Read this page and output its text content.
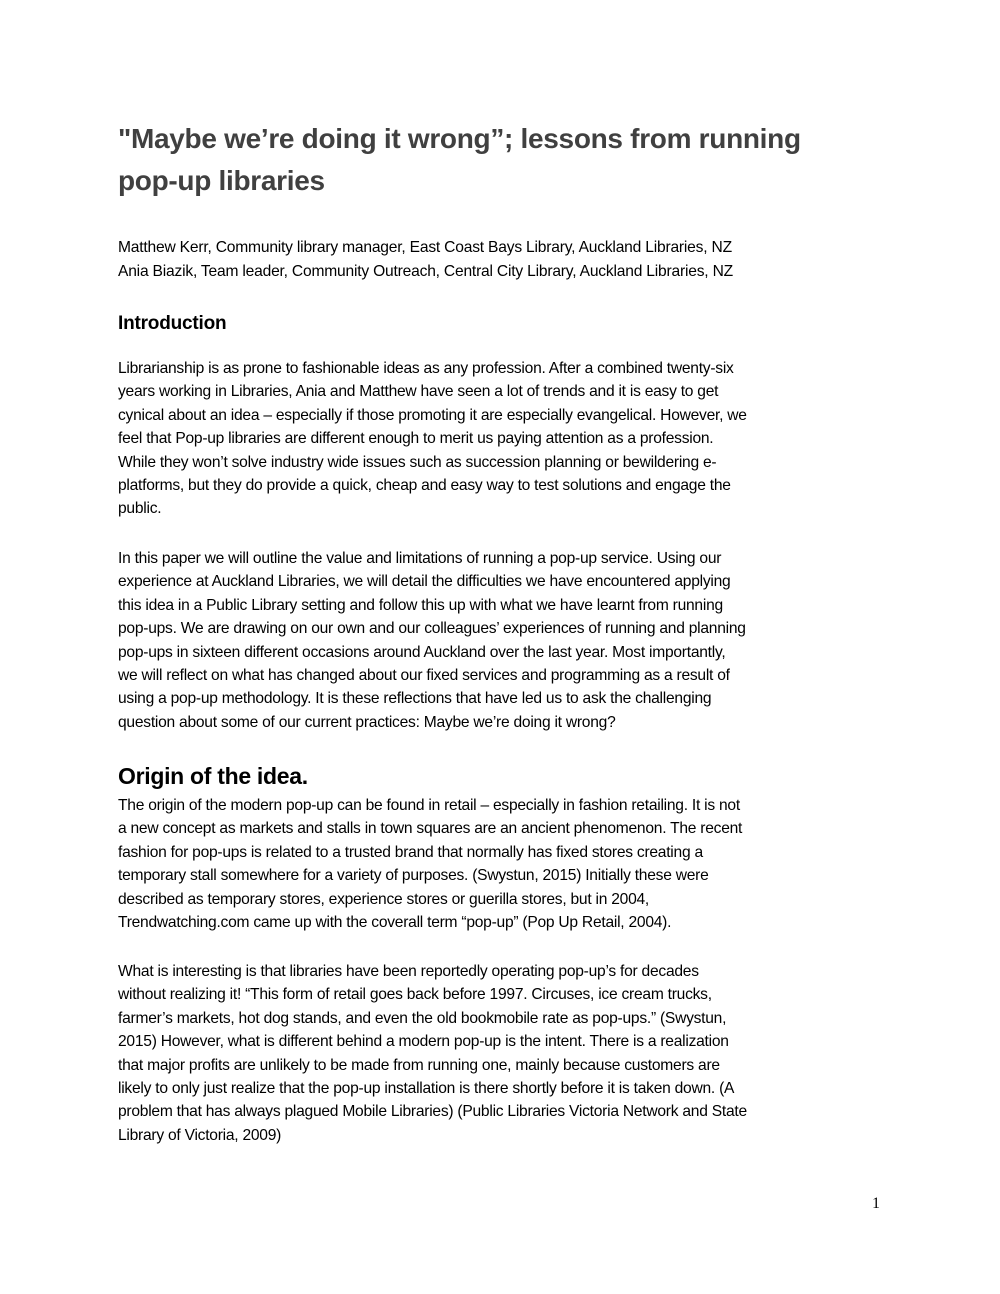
"Maybe we’re doing it wrong”; lessons from running
pop-up libraries
Matthew Kerr, Community library manager, East Coast Bays Library, Auckland Libraries, NZ
Ania Biazik, Team leader, Community Outreach, Central City Library, Auckland Libraries, NZ
Introduction

Librarianship is as prone to fashionable ideas as any profession. After a combined twenty-six
years working in Libraries, Ania and Matthew have seen a lot of trends and it is easy to get
cynical about an idea – especially if those promoting it are especially evangelical. However, we
feel that Pop-up libraries are different enough to merit us paying attention as a profession.
While they won’t solve industry wide issues such as succession planning or bewildering e-
platforms, but they do provide a quick, cheap and easy way to test solutions and engage the
public.

In this paper we will outline the value and limitations of running a pop-up service. Using our
experience at Auckland Libraries, we will detail the difficulties we have encountered applying
this idea in a Public Library setting and follow this up with what we have learnt from running
pop-ups. We are drawing on our own and our colleagues’ experiences of running and planning
pop-ups in sixteen different occasions around Auckland over the last year. Most importantly,
we will reflect on what has changed about our fixed services and programming as a result of
using a pop-up methodology. It is these reflections that have led us to ask the challenging
question about some of our current practices: Maybe we’re doing it wrong?

Origin of the idea.

The origin of the modern pop-up can be found in retail – especially in fashion retailing. It is not
a new concept as markets and stalls in town squares are an ancient phenomenon. The recent
fashion for pop-ups is related to a trusted brand that normally has fixed stores creating a
temporary stall somewhere for a variety of purposes. (Swystun, 2015) Initially these were
described as temporary stores, experience stores or guerilla stores, but in 2004,
Trendwatching.com came up with the coverall term “pop-up” (Pop Up Retail, 2004).

What is interesting is that libraries have been reportedly operating pop-up’s for decades
without realizing it! “This form of retail goes back before 1997. Circuses, ice cream trucks,
farmer’s markets, hot dog stands, and even the old bookmobile rate as pop-ups.” (Swystun,
2015) However, what is different behind a modern pop-up is the intent. There is a realization
that major profits are unlikely to be made from running one, mainly because customers are
likely to only just realize that the pop-up installation is there shortly before it is taken down. (A
problem that has always plagued Mobile Libraries) (Public Libraries Victoria Network and State
Library of Victoria, 2009)

1
